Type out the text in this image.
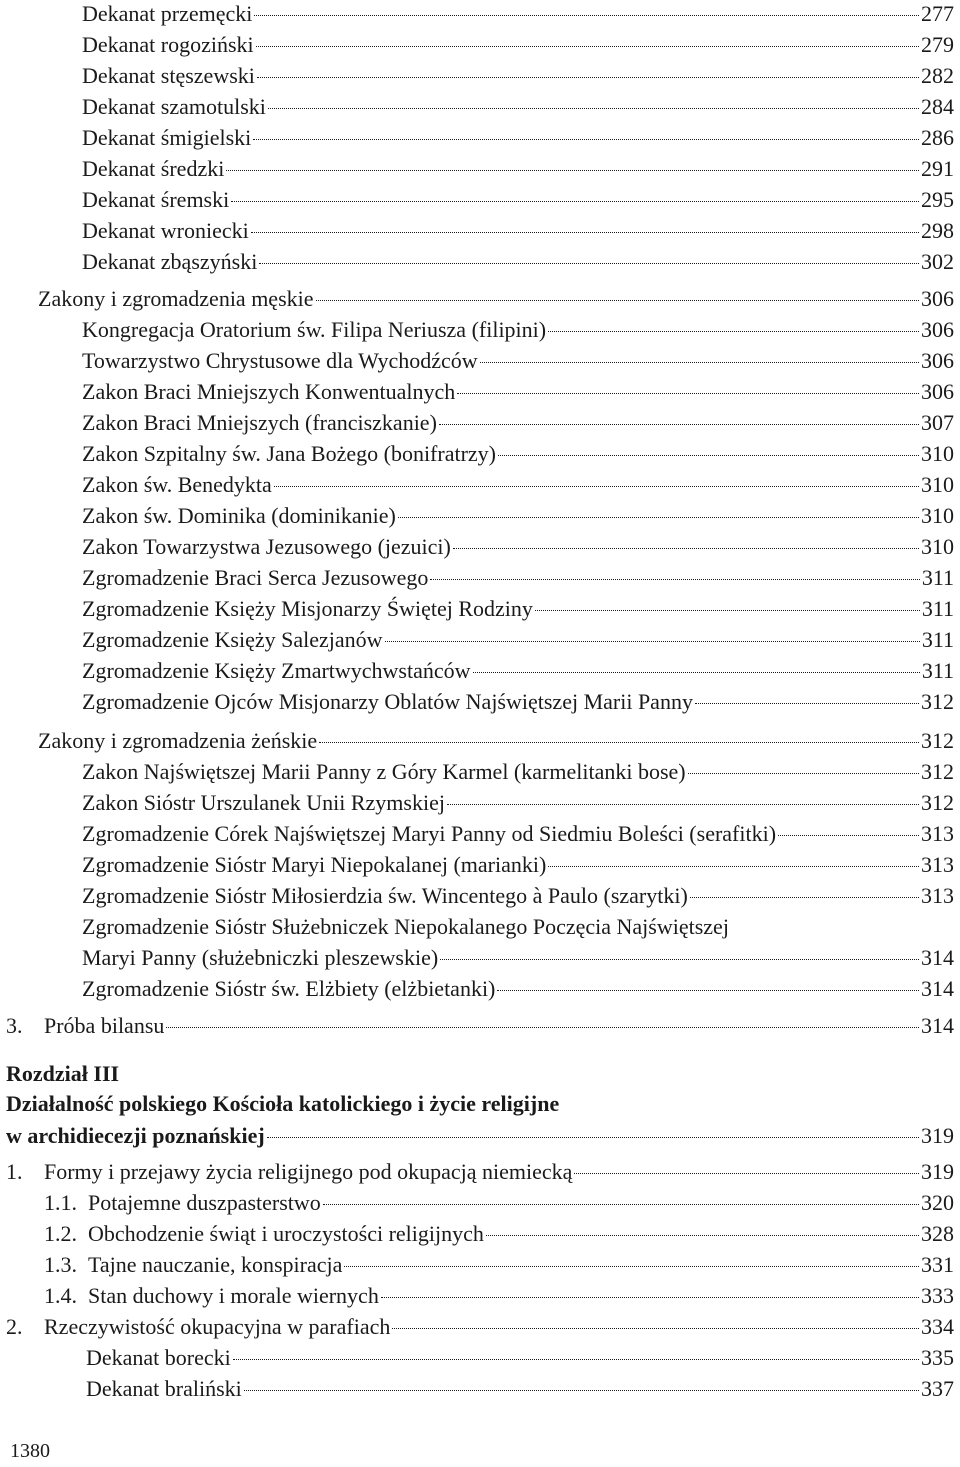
Dekanat przemęcki	277
Dekanat rogoziński	279
Dekanat stęszewski	282
Dekanat szamotulski	284
Dekanat śmigielski	286
Dekanat średzki	291
Dekanat śremski	295
Dekanat wroniecki	298
Dekanat zbąszyński	302
Zakony i zgromadzenia męskie	306
Kongregacja Oratorium św. Filipa Neriusza (filipini)	306
Towarzystwo Chrystusowe dla Wychodźców	306
Zakon Braci Mniejszych Konwentualnych	306
Zakon Braci Mniejszych (franciszkanie)	307
Zakon Szpitalny św. Jana Bożego (bonifratrzy)	310
Zakon św. Benedykta	310
Zakon św. Dominika (dominikanie)	310
Zakon Towarzystwa Jezusowego (jezuici)	310
Zgromadzenie Braci Serca Jezusowego	311
Zgromadzenie Księży Misjonarzy Świętej Rodziny	311
Zgromadzenie Księży Salezjanów	311
Zgromadzenie Księży Zmartwychwstańców	311
Zgromadzenie Ojców Misjonarzy Oblatów Najświętszej Marii Panny	312
Zakony i zgromadzenia żeńskie	312
Zakon Najświętszej Marii Panny z Góry Karmel (karmelitanki bose)	312
Zakon Sióstr Urszulanek Unii Rzymskiej	312
Zgromadzenie Córek Najświętszej Maryi Panny od Siedmiu Boleści (serafitki)	313
Zgromadzenie Sióstr Maryi Niepokalanej (marianki)	313
Zgromadzenie Sióstr Miłosierdzia św. Wincentego à Paulo (szarytki)	313
Zgromadzenie Sióstr Służebniczek Niepokalanego Poczęcia Najświętszej
Maryi Panny (służebniczki pleszewskie)	314
Zgromadzenie Sióstr św. Elżbiety (elżbietanki)	314
3. Próba bilansu	314
Rozdział III
Działalność polskiego Kościoła katolickiego i życie religijne
w archidiecezji poznańskiej	319
1. Formy i przejawy życia religijnego pod okupacją niemiecką	319
1.1. Potajemne duszpasterstwo	320
1.2. Obchodzenie świąt i uroczystości religijnych	328
1.3. Tajne nauczanie, konspiracja	331
1.4. Stan duchowy i morale wiernych	333
2. Rzeczywistość okupacyjna w parafiach	334
Dekanat borecki	335
Dekanat braliński	337
1380
